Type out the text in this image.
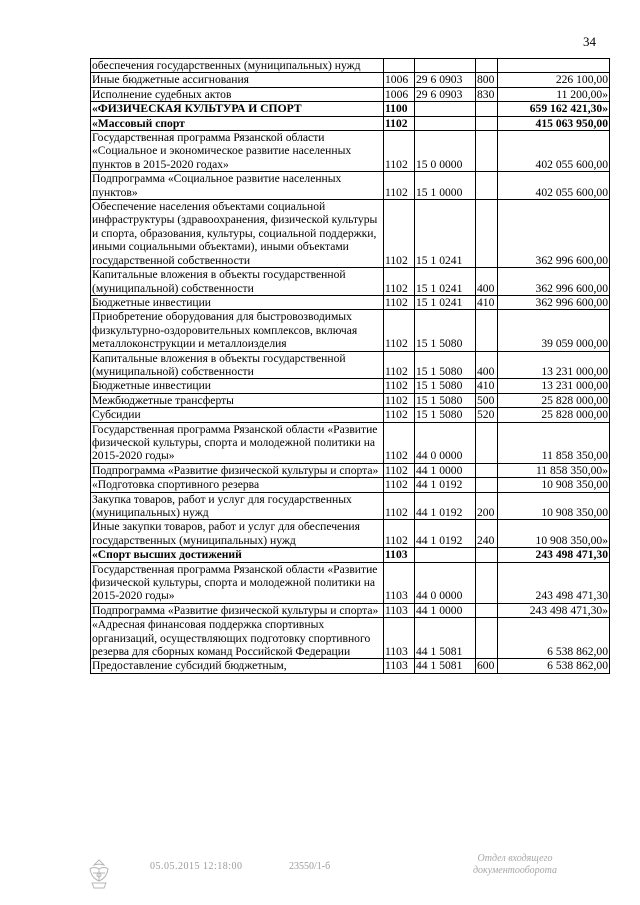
34
обеспечения государственных (муниципальных) нужд				
Иные бюджетные ассигнования	1006	29 6 0903	800	226 100,00
Исполнение судебных актов	1006	29 6 0903	830	11 200,00»
«ФИЗИЧЕСКАЯ КУЛЬТУРА И СПОРТ	1100			659 162 421,30»
«Массовый спорт	1102			415 063 950,00
Государственная программа Рязанской области «Социальное и экономическое развитие населенных пунктов в 2015-2020 годах»	1102	15 0 0000		402 055 600,00
Подпрограмма «Социальное развитие населенных пунктов»	1102	15 1 0000		402 055 600,00
Обеспечение населения объектами социальной инфраструктуры (здравоохранения, физической культуры и спорта, образования, культуры, социальной поддержки, иными социальными объектами), иными объектами государственной собственности	1102	15 1 0241		362 996 600,00
Капитальные вложения в объекты государственной (муниципальной) собственности	1102	15 1 0241	400	362 996 600,00
Бюджетные инвестиции	1102	15 1 0241	410	362 996 600,00
Приобретение оборудования для быстровозводимых физкультурно-оздоровительных комплексов, включая металлоконструкции и металлоизделия	1102	15 1 5080		39 059 000,00
Капитальные вложения в объекты государственной (муниципальной) собственности	1102	15 1 5080	400	13 231 000,00
Бюджетные инвестиции	1102	15 1 5080	410	13 231 000,00
Межбюджетные трансферты	1102	15 1 5080	500	25 828 000,00
Субсидии	1102	15 1 5080	520	25 828 000,00
Государственная программа Рязанской области «Развитие физической культуры, спорта и молодежной политики на 2015-2020 годы»	1102	44 0 0000		11 858 350,00
Подпрограмма «Развитие физической культуры и спорта»	1102	44 1 0000		11 858 350,00»
«Подготовка спортивного резерва	1102	44 1 0192		10 908 350,00
Закупка товаров, работ и услуг для государственных (муниципальных) нужд	1102	44 1 0192	200	10 908 350,00
Иные закупки товаров, работ и услуг для обеспечения государственных (муниципальных) нужд	1102	44 1 0192	240	10 908 350,00»
«Спорт высших достижений	1103			243 498 471,30
Государственная программа Рязанской области «Развитие физической культуры, спорта и молодежной политики на 2015-2020 годы»	1103	44 0 0000		243 498 471,30
Подпрограмма «Развитие физической культуры и спорта»	1103	44 1 0000		243 498 471,30»
«Адресная финансовая поддержка спортивных организаций, осуществляющих подготовку спортивного резерва для сборных команд Российской Федерации	1103	44 1 5081		6 538 862,00
Предоставление субсидий бюджетным,	1103	44 1 5081	600	6 538 862,00
05.05.2015 12:18:00	23550/1-б
Отдел входящего документооборота
